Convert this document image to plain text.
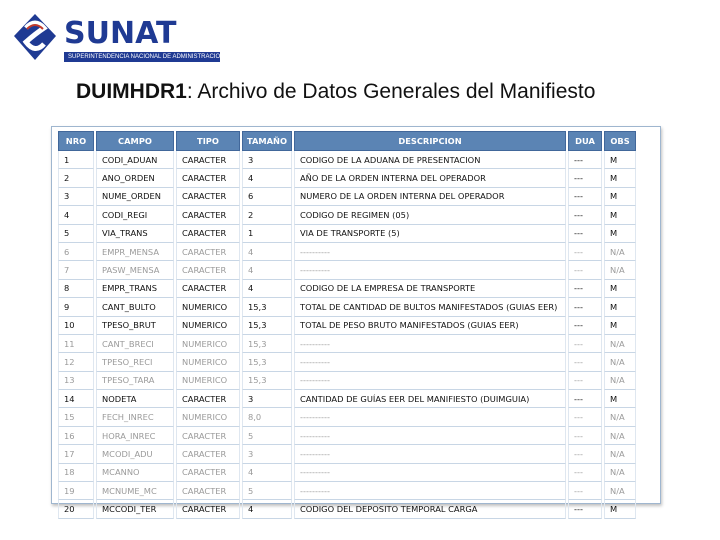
SUNAT
SUPERINTENDENCIA NACIONAL DE ADMINISTRACION TRIBUTARIA
DUIMHDR1: Archivo de Datos Generales del Manifiesto
NRO	CAMPO	TIPO	TAMAÑO	DESCRIPCION	DUA	OBS
1	CODI_ADUAN	CARACTER	3	CODIGO DE LA ADUANA DE PRESENTACION	---	M
2	ANO_ORDEN	CARACTER	4	AÑO DE LA ORDEN INTERNA DEL OPERADOR	---	M
3	NUME_ORDEN	CARACTER	6	NUMERO DE LA ORDEN INTERNA DEL OPERADOR	---	M
4	CODI_REGI	CARACTER	2	CODIGO DE REGIMEN (05)	---	M
5	VIA_TRANS	CARACTER	1	VIA DE TRANSPORTE (5)	---	M
6	EMPR_MENSA	CARACTER	4	----------	---	N/A
7	PASW_MENSA	CARACTER	4	----------	---	N/A
8	EMPR_TRANS	CARACTER	4	CODIGO DE LA EMPRESA DE TRANSPORTE	---	M
9	CANT_BULTO	NUMERICO	15,3	TOTAL DE CANTIDAD DE BULTOS MANIFESTADOS (GUIAS EER)	---	M
10	TPESO_BRUT	NUMERICO	15,3	TOTAL DE PESO BRUTO MANIFESTADOS (GUIAS EER)	---	M
11	CANT_BRECI	NUMERICO	15,3	----------	---	N/A
12	TPESO_RECI	NUMERICO	15,3	----------	---	N/A
13	TPESO_TARA	NUMERICO	15,3	----------	---	N/A
14	NODETA	CARACTER	3	CANTIDAD DE GUÍAS EER DEL MANIFIESTO (DUIMGUIA)	---	M
15	FECH_INREC	NUMERICO	8,0	----------	---	N/A
16	HORA_INREC	CARACTER	5	----------	---	N/A
17	MCODI_ADU	CARACTER	3	----------	---	N/A
18	MCANNO	CARACTER	4	----------	---	N/A
19	MCNUME_MC	CARACTER	5	----------	---	N/A
20	MCCODI_TER	CARACTER	4	CODIGO DEL DEPOSITO TEMPORAL CARGA	---	M
